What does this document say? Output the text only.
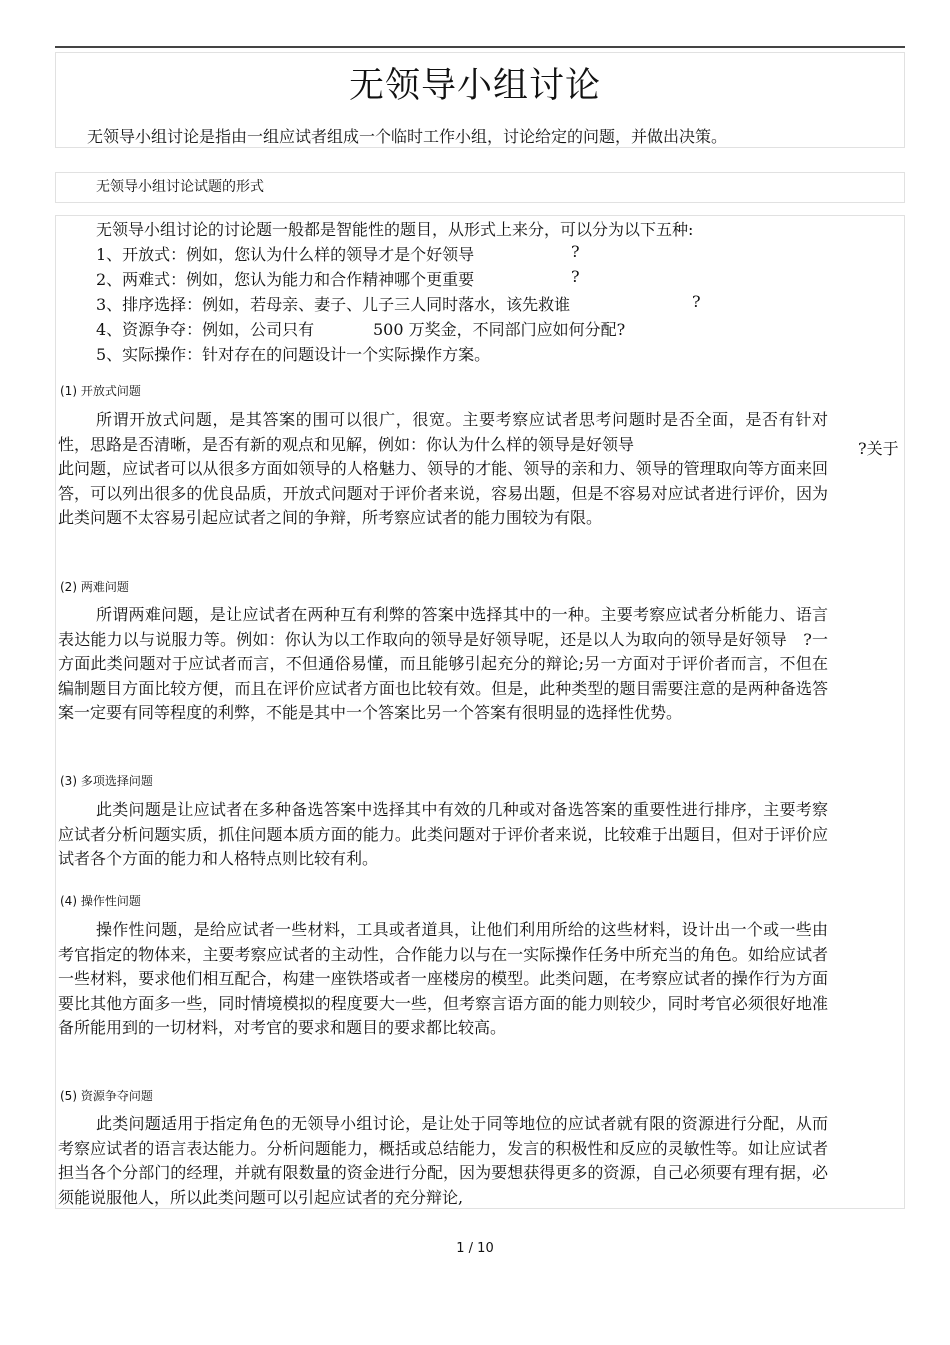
无领导小组讨论
无领导小组讨论是指由一组应试者组成一个临时工作小组，讨论给定的问题，并做出决策。
无领导小组讨论试题的形式
无领导小组讨论的讨论题一般都是智能性的题目，从形式上来分，可以分为以下五种:
1、开放式：例如，您认为什么样的领导才是个好领导	?
2、两难式：例如，您认为能力和合作精神哪个更重要	?
3、排序选择：例如，若母亲、妻子、儿子三人同时落水，该先救谁	?
4、资源争夺：例如，公司只有	500 万奖金，不同部门应如何分配?
5、实际操作：针对存在的问题设计一个实际操作方案。
(1) 开放式问题
所谓开放式问题，是其答案的围可以很广，很宽。主要考察应试者思考问题时是否全面，是否有针对性，思路是否清晰，是否有新的观点和见解，例如：你认为什么样的领导是好领导
此问题，应试者可以从很多方面如领导的人格魅力、领导的才能、领导的亲和力、领导的管理取向等方面来回答，可以列出很多的优良品质，开放式问题对于评价者来说，容易出题，但是不容易对应试者进行评价，因为此类问题不太容易引起应试者之间的争辩，所考察应试者的能力围较为有限。
?关于
(2) 两难问题
所谓两难问题，是让应试者在两种互有利弊的答案中选择其中的一种。主要考察应试者分析能力、语言表达能力以与说服力等。例如：你认为以工作取向的领导是好领导呢，还是以人为取向的领导是好领导　?一方面此类问题对于应试者而言，不但通俗易懂，而且能够引起充分的辩论;另一方面对于评价者而言，不但在编制题目方面比较方便，而且在评价应试者方面也比较有效。但是，此种类型的题目需要注意的是两种备选答案一定要有同等程度的利弊，不能是其中一个答案比另一个答案有很明显的选择性优势。
(3) 多项选择问题
此类问题是让应试者在多种备选答案中选择其中有效的几种或对备选答案的重要性进行排序，主要考察应试者分析问题实质，抓住问题本质方面的能力。此类问题对于评价者来说，比较难于出题目，但对于评价应试者各个方面的能力和人格特点则比较有利。
(4) 操作性问题
操作性问题，是给应试者一些材料，工具或者道具，让他们利用所给的这些材料，设计出一个或一些由考官指定的物体来，主要考察应试者的主动性，合作能力以与在一实际操作任务中所充当的角色。如给应试者一些材料，要求他们相互配合，构建一座铁塔或者一座楼房的模型。此类问题，在考察应试者的操作行为方面要比其他方面多一些，同时情境模拟的程度要大一些，但考察言语方面的能力则较少，同时考官必须很好地准备所能用到的一切材料，对考官的要求和题目的要求都比较高。
(5) 资源争夺问题
此类问题适用于指定角色的无领导小组讨论，是让处于同等地位的应试者就有限的资源进行分配，从而考察应试者的语言表达能力。分析问题能力，概括或总结能力，发言的积极性和反应的灵敏性等。如让应试者担当各个分部门的经理，并就有限数量的资金进行分配，因为要想获得更多的资源，自己必须要有理有据，必须能说服他人，所以此类问题可以引起应试者的充分辩论,
1 / 10
